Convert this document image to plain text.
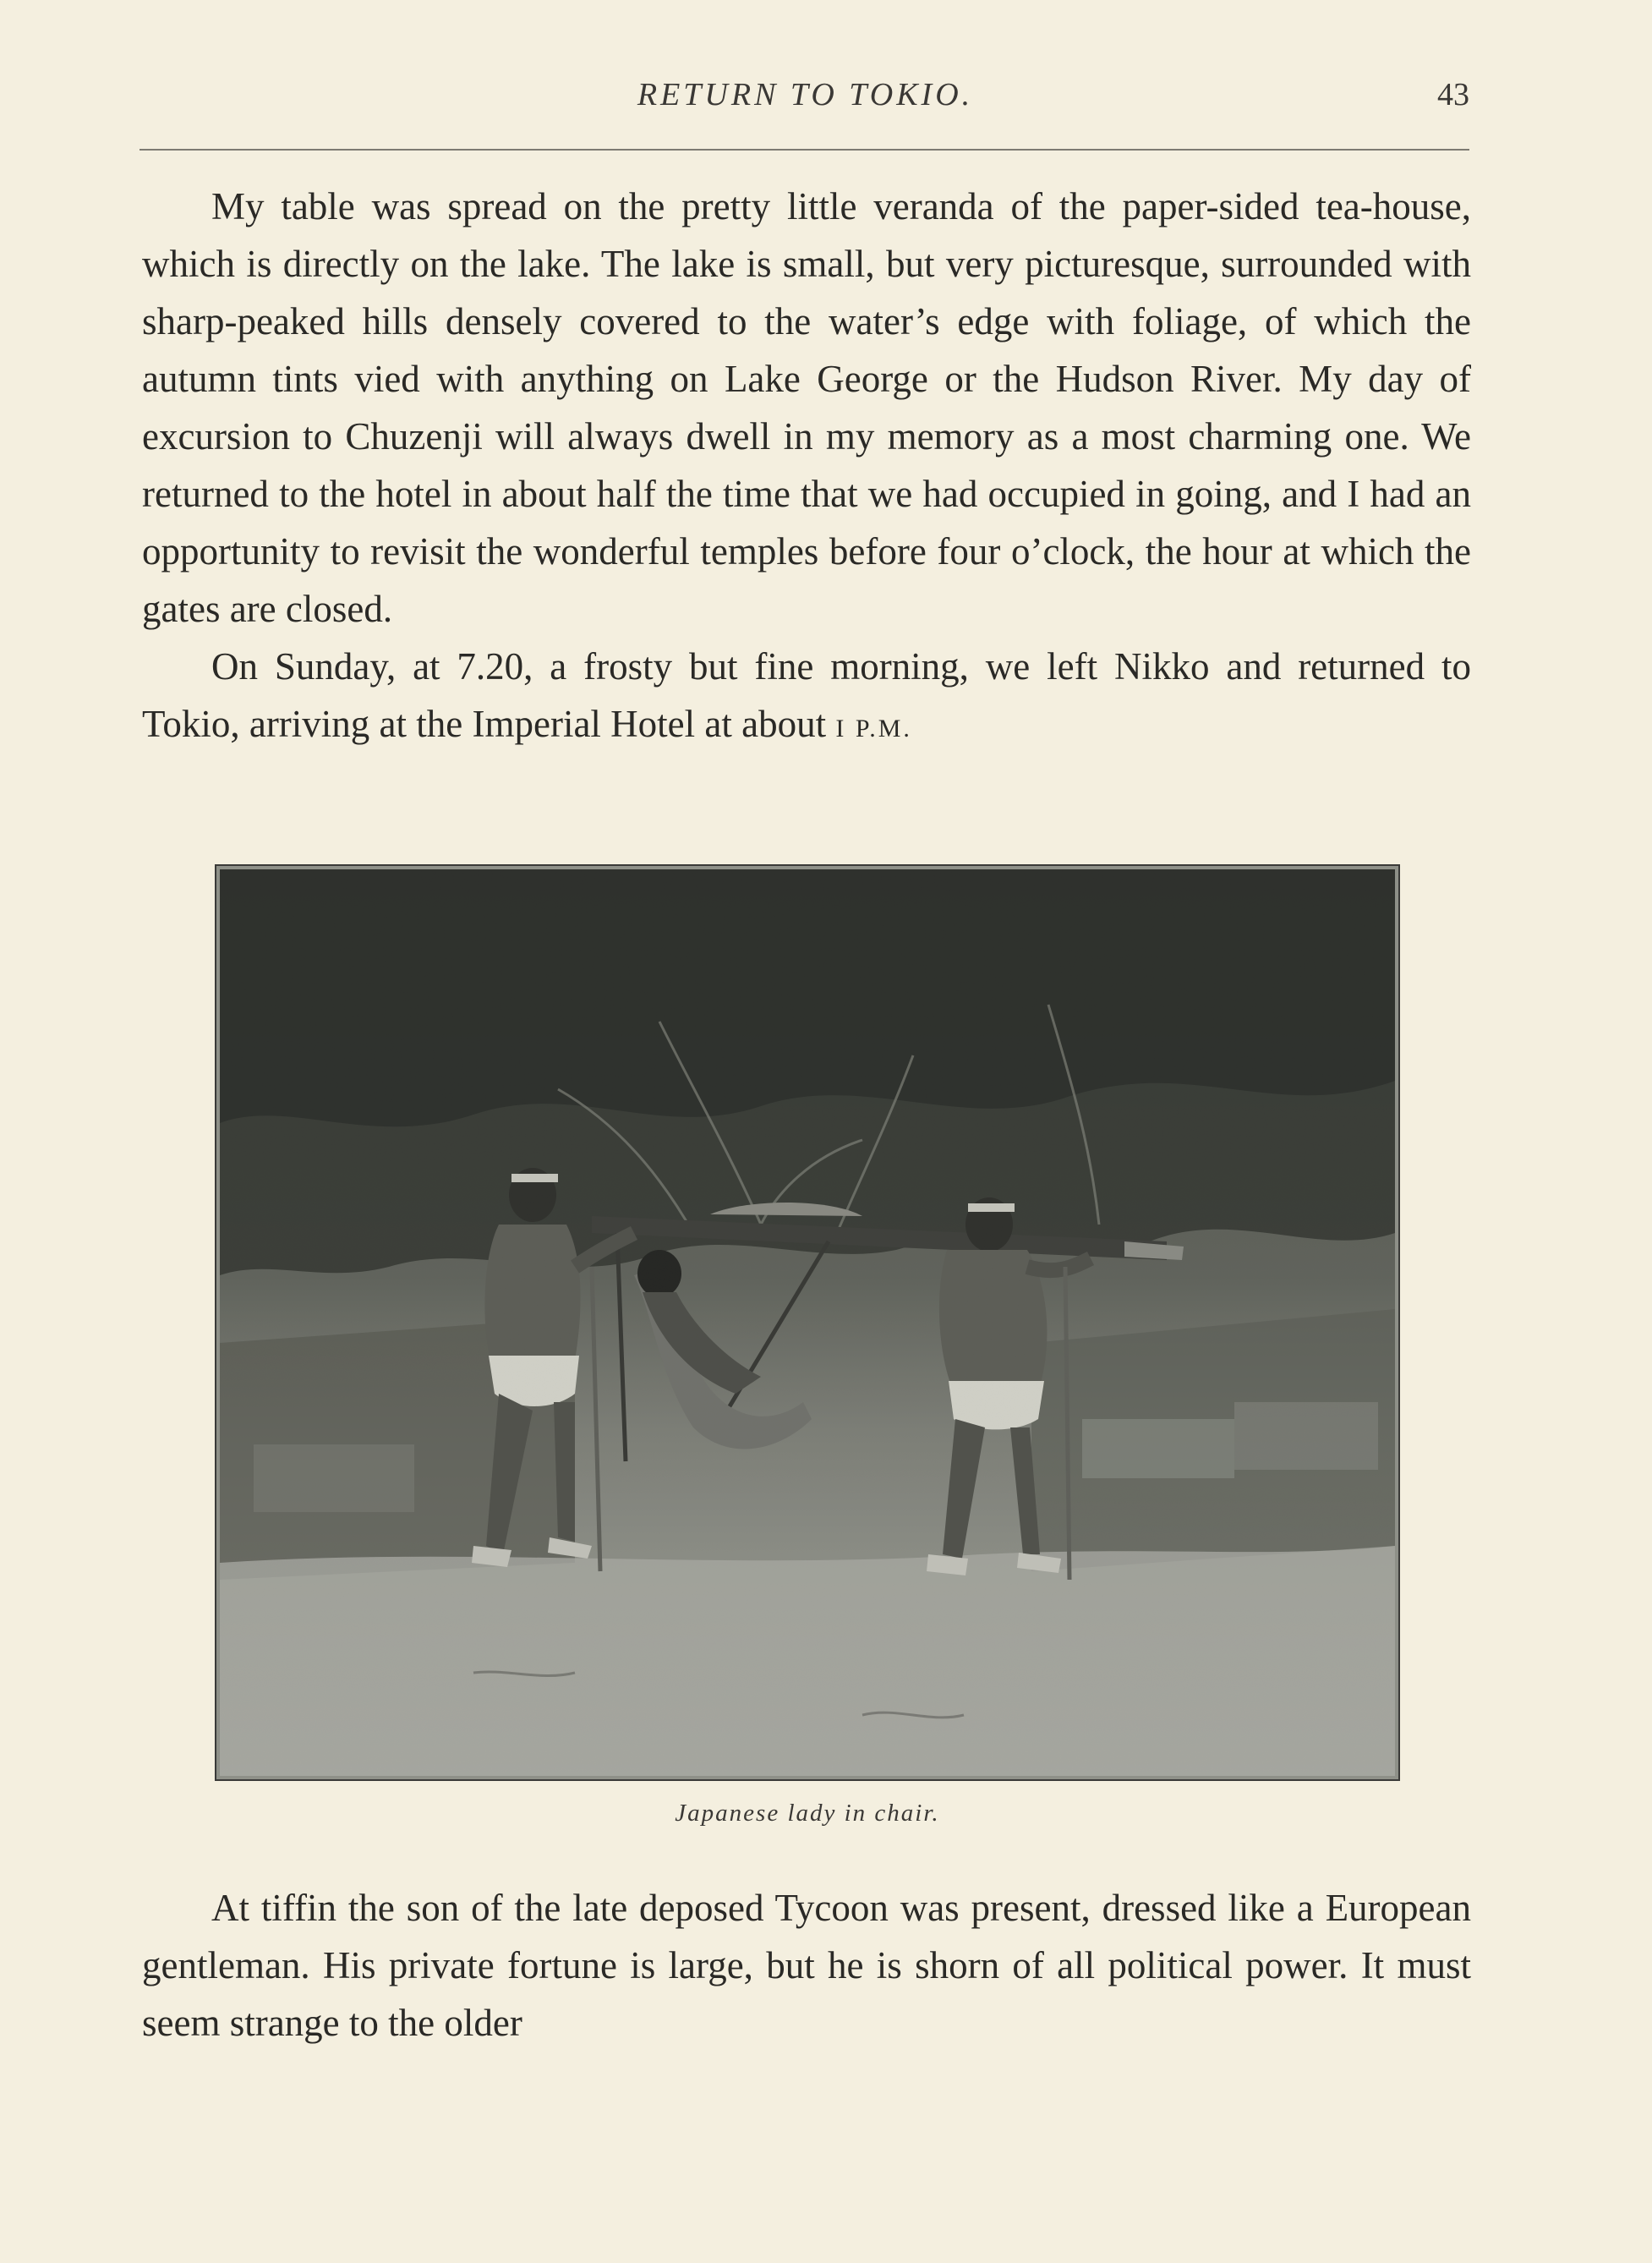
RETURN TO TOKIO.	43

My table was spread on the pretty little veranda of the paper-sided tea-house, which is directly on the lake. The lake is small, but very picturesque, surrounded with sharp-peaked hills densely covered to the water’s edge with foliage, of which the autumn tints vied with anything on Lake George or the Hudson River. My day of excursion to Chuzenji will always dwell in my memory as a most charming one. We returned to the hotel in about half the time that we had occupied in going, and I had an opportunity to revisit the wonderful temples before four o’clock, the hour at which the gates are closed.

On Sunday, at 7.20, a frosty but fine morning, we left Nikko and returned to Tokio, arriving at the Imperial Hotel at about I P.M.

Japanese lady in chair.

At tiffin the son of the late deposed Tycoon was present, dressed like a European gentleman. His private fortune is large, but he is shorn of all political power. It must seem strange to the older
